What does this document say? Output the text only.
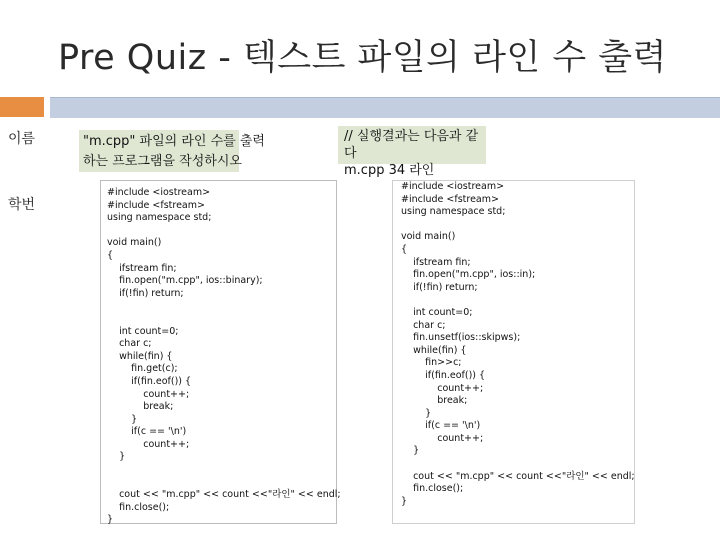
Pre Quiz - 텍스트 파일의 라인 수 출력
이름
학번
"m.cpp" 파일의 라인 수를 출력
하는 프로그램을 작성하시오
// 실행결과는 다음과 같다
m.cpp 34 라인
#include <iostream>
#include <fstream>
using namespace std;
void main()
{
ifstream fin;
fin.open("m.cpp", ios::binary);
if(!fin) return;
int count=0;
char c;
while(fin) {
fin.get(c);
if(fin.eof()) {
count++;
break;
}
if(c == '\n')
count++;
}
cout << "m.cpp" << count <<"라인" << endl;
fin.close();
}
#include <iostream>
#include <fstream>
using namespace std;
void main()
{
ifstream fin;
fin.open("m.cpp", ios::in);
if(!fin) return;
int count=0;
char c;
fin.unsetf(ios::skipws);
while(fin) {
fin>>c;
if(fin.eof()) {
count++;
break;
}
if(c == '\n')
count++;
}
cout << "m.cpp" << count <<"라인" << endl;
fin.close();
}
